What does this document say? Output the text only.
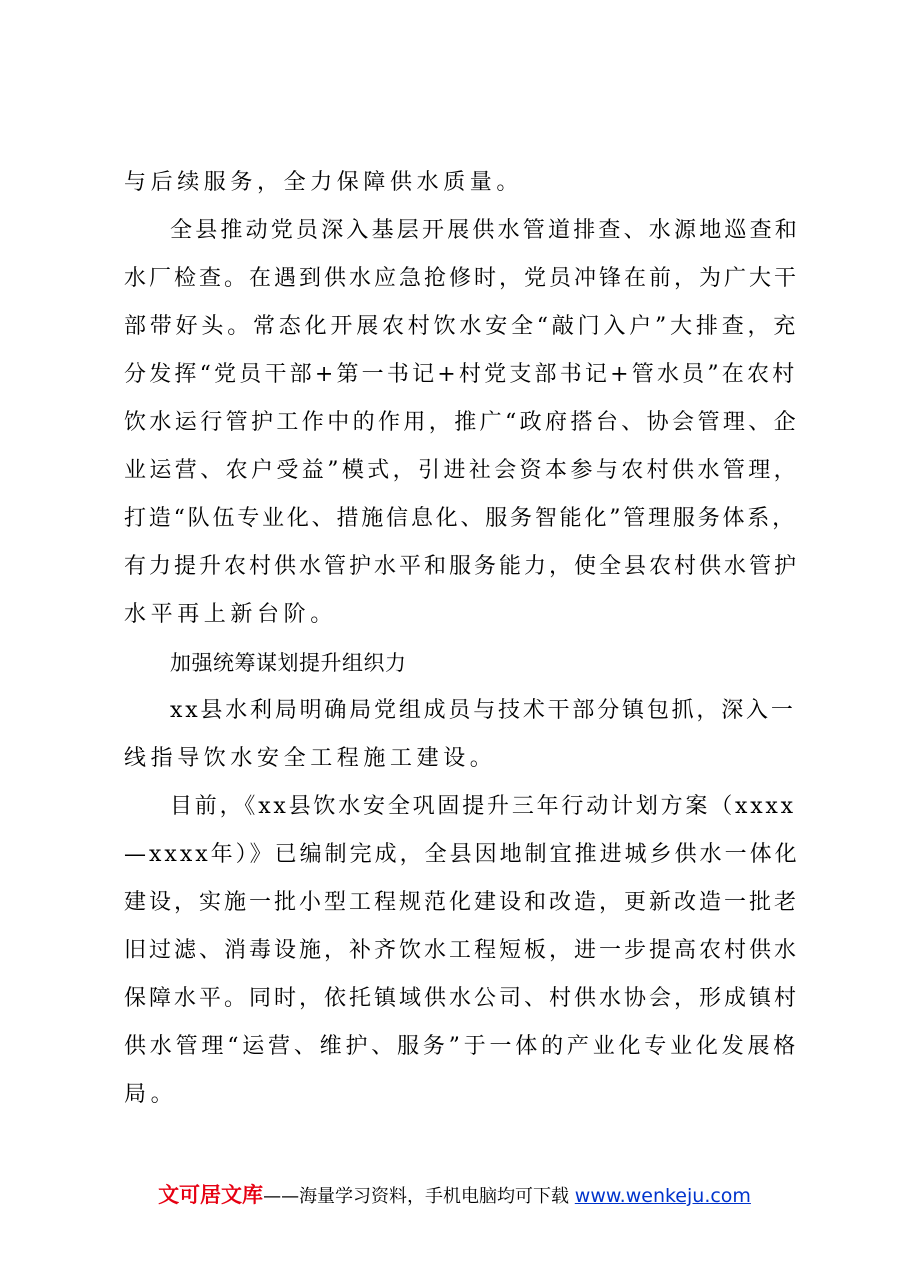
与后续服务，全力保障供水质量。
全县推动党员深入基层开展供水管道排查、水源地巡查和
水厂检查。在遇到供水应急抢修时，党员冲锋在前，为广大干
部带好头。常态化开展农村饮水安全“敲门入户”大排查，充
分发挥“党员干部+第一书记+村党支部书记+管水员”在农村
饮水运行管护工作中的作用，推广“政府搭台、协会管理、企
业运营、农户受益”模式，引进社会资本参与农村供水管理，
打造“队伍专业化、措施信息化、服务智能化”管理服务体系，
有力提升农村供水管护水平和服务能力，使全县农村供水管护
水平再上新台阶。
加强统筹谋划提升组织力
xx县水利局明确局党组成员与技术干部分镇包抓，深入一
线指导饮水安全工程施工建设。
目前，《xx县饮水安全巩固提升三年行动计划方案（xxxx
—xxxx年）》已编制完成，全县因地制宜推进城乡供水一体化
建设，实施一批小型工程规范化建设和改造，更新改造一批老
旧过滤、消毒设施，补齐饮水工程短板，进一步提高农村供水
保障水平。同时，依托镇域供水公司、村供水协会，形成镇村
供水管理“运营、维护、服务”于一体的产业化专业化发展格
局。
文可居文库——海量学习资料，手机电脑均可下载 www.wenkeju.com
